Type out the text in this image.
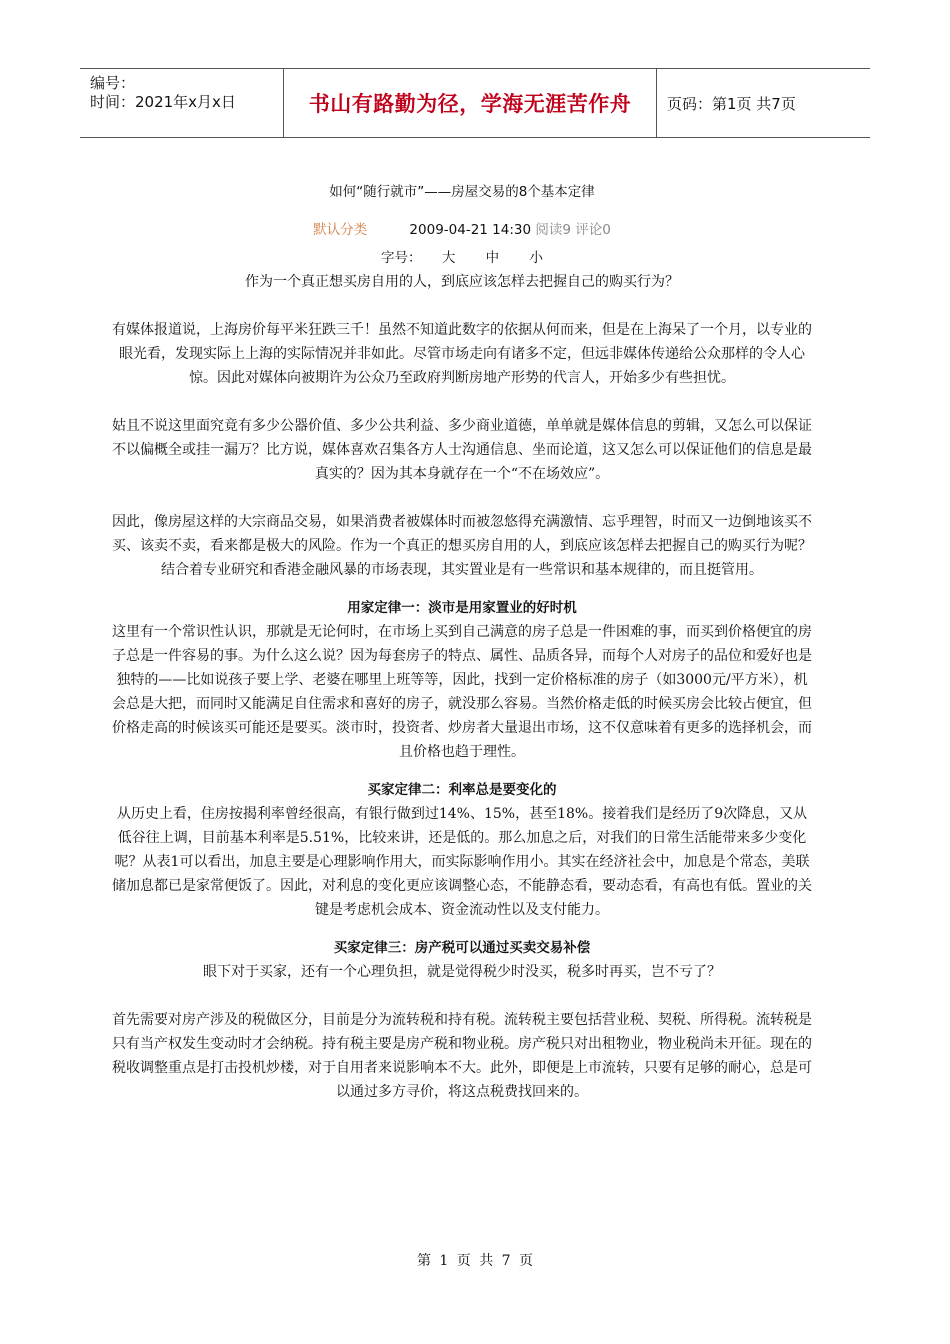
编号：
时间：2021年x月x日	书山有路勤为径，学海无涯苦作舟	页码：第1页 共7页
如何“随行就市”——房屋交易的8个基本定律
默认分类	2009-04-21 14:30 阅读9 评论0
字号： 大 中 小

作为一个真正想买房自用的人，到底应该怎样去把握自己的购买行为？

有媒体报道说，上海房价每平米狂跌三千！虽然不知道此数字的依据从何而来，但是在上海呆了一个月，以专业的眼光看，发现实际上上海的实际情况并非如此。尽管市场走向有诸多不定，但远非媒体传递给公众那样的令人心惊。因此对媒体向被期许为公众乃至政府判断房地产形势的代言人，开始多少有些担忧。

姑且不说这里面究竟有多少公器价值、多少公共利益、多少商业道德，单单就是媒体信息的剪辑，又怎么可以保证不以偏概全或挂一漏万？比方说，媒体喜欢召集各方人士沟通信息、坐而论道，这又怎么可以保证他们的信息是最真实的？因为其本身就存在一个“不在场效应”。

因此，像房屋这样的大宗商品交易，如果消费者被媒体时而被忽悠得充满激情、忘乎理智，时而又一边倒地该买不买、该卖不卖，看来都是极大的风险。作为一个真正的想买房自用的人，到底应该怎样去把握自己的购买行为呢？结合着专业研究和香港金融风暴的市场表现，其实置业是有一些常识和基本规律的，而且挺管用。

用家定律一：淡市是用家置业的好时机

这里有一个常识性认识，那就是无论何时，在市场上买到自己满意的房子总是一件困难的事，而买到价格便宜的房子总是一件容易的事。为什么这么说？因为每套房子的特点、属性、品质各异，而每个人对房子的品位和爱好也是独特的——比如说孩子要上学、老婆在哪里上班等等，因此，找到一定价格标准的房子（如3000元/平方米），机会总是大把，而同时又能满足自住需求和喜好的房子，就没那么容易。当然价格走低的时候买房会比较占便宜，但价格走高的时候该买可能还是要买。淡市时，投资者、炒房者大量退出市场，这不仅意味着有更多的选择机会，而且价格也趋于理性。

买家定律二：利率总是要变化的

从历史上看，住房按揭利率曾经很高，有银行做到过14%、15%，甚至18%。接着我们是经历了9次降息，又从低谷往上调，目前基本利率是5.51%，比较来讲，还是低的。那么加息之后，对我们的日常生活能带来多少变化呢？从表1可以看出，加息主要是心理影响作用大，而实际影响作用小。其实在经济社会中，加息是个常态，美联储加息都已是家常便饭了。因此，对利息的变化更应该调整心态，不能静态看，要动态看，有高也有低。置业的关键是考虑机会成本、资金流动性以及支付能力。

买家定律三：房产税可以通过买卖交易补偿

眼下对于买家，还有一个心理负担，就是觉得税少时没买，税多时再买，岂不亏了？

首先需要对房产涉及的税做区分，目前是分为流转税和持有税。流转税主要包括营业税、契税、所得税。流转税是只有当产权发生变动时才会纳税。持有税主要是房产税和物业税。房产税只对出租物业，物业税尚未开征。现在的税收调整重点是打击投机炒楼，对于自用者来说影响本不大。此外，即便是上市流转，只要有足够的耐心，总是可以通过多方寻价，将这点税费找回来的。

第 1 页 共 7 页
